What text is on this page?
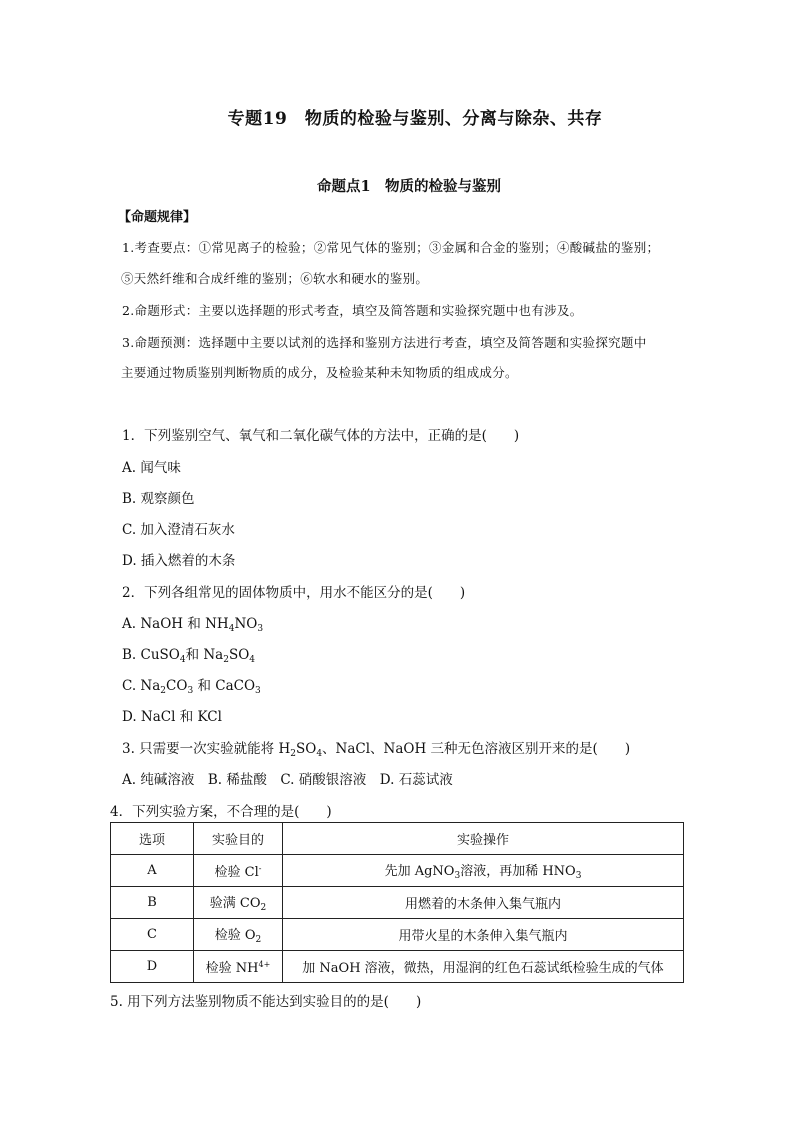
专题19　物质的检验与鉴别、分离与除杂、共存
命题点1　物质的检验与鉴别
【命题规律】
1.考查要点：①常见离子的检验；②常见气体的鉴别；③金属和合金的鉴别；④酸碱盐的鉴别；
⑤天然纤维和合成纤维的鉴别；⑥软水和硬水的鉴别。
2.命题形式：主要以选择题的形式考查，填空及简答题和实验探究题中也有涉及。
3.命题预测：选择题中主要以试剂的选择和鉴别方法进行考查，填空及简答题和实验探究题中
主要通过物质鉴别判断物质的成分，及检验某种未知物质的组成成分。
1．下列鉴别空气、氧气和二氧化碳气体的方法中，正确的是(　　)
A. 闻气味
B. 观察颜色
C. 加入澄清石灰水
D. 插入燃着的木条
2．下列各组常见的固体物质中，用水不能区分的是(　　)
A. NaOH 和 $NH_4NO_3$
B. CuSO$_4$和 $Na_2SO_4$
C. $Na_2CO_3$ 和 CaCO$_3$
D. NaCl 和 KCl
3. 只需要一次实验就能将 $H_2SO_4$、NaCl、NaOH 三种无色溶液区别开来的是(　　)
A. 纯碱溶液　B. 稀盐酸　C. 硝酸银溶液　D. 石蕊试液
4．下列实验方案，不合理的是(　　)
选项	实验目的	实验操作
A	检验 Cl-	先加 AgNO$_3$溶液，再加稀 $HNO_3$
B	验满 $CO_2$	用燃着的木条伸入集气瓶内
C	检验 $O_2$	用带火星的木条伸入集气瓶内
D	检验 $NH^{4+}$	加 NaOH 溶液，微热，用湿润的红色石蕊试纸检验生成的气体
5. 用下列方法鉴别物质不能达到实验目的的是(　　)
